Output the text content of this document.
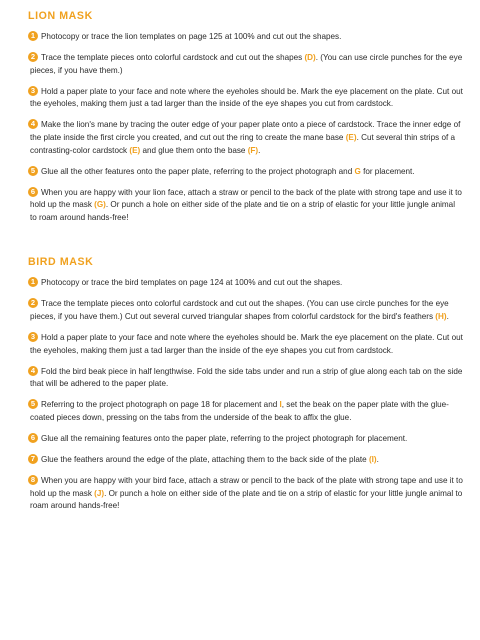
LION MASK
1 Photocopy or trace the lion templates on page 125 at 100% and cut out the shapes.
2 Trace the template pieces onto colorful cardstock and cut out the shapes (D). (You can use circle punches for the eye pieces, if you have them.)
3 Hold a paper plate to your face and note where the eyeholes should be. Mark the eye placement on the plate. Cut out the eyeholes, making them just a tad larger than the inside of the eye shapes you cut from cardstock.
4 Make the lion's mane by tracing the outer edge of your paper plate onto a piece of cardstock. Trace the inner edge of the plate inside the first circle you created, and cut out the ring to create the mane base (E). Cut several thin strips of a contrasting-color cardstock (E) and glue them onto the base (F).
5 Glue all the other features onto the paper plate, referring to the project photograph and G for placement.
6 When you are happy with your lion face, attach a straw or pencil to the back of the plate with strong tape and use it to hold up the mask (G). Or punch a hole on either side of the plate and tie on a strip of elastic for your little jungle animal to roam around hands-free!
BIRD MASK
1 Photocopy or trace the bird templates on page 124 at 100% and cut out the shapes.
2 Trace the template pieces onto colorful cardstock and cut out the shapes. (You can use circle punches for the eye pieces, if you have them.) Cut out several curved triangular shapes from colorful cardstock for the bird's feathers (H).
3 Hold a paper plate to your face and note where the eyeholes should be. Mark the eye placement on the plate. Cut out the eyeholes, making them just a tad larger than the inside of the eye shapes you cut from cardstock.
4 Fold the bird beak piece in half lengthwise. Fold the side tabs under and run a strip of glue along each tab on the side that will be adhered to the paper plate.
5 Referring to the project photograph on page 18 for placement and I, set the beak on the paper plate with the glue-coated pieces down, pressing on the tabs from the underside of the beak to affix the glue.
6 Glue all the remaining features onto the paper plate, referring to the project photograph for placement.
7 Glue the feathers around the edge of the plate, attaching them to the back side of the plate (I).
8 When you are happy with your bird face, attach a straw or pencil to the back of the plate with strong tape and use it to hold up the mask (J). Or punch a hole on either side of the plate and tie on a strip of elastic for your little jungle animal to roam around hands-free!
